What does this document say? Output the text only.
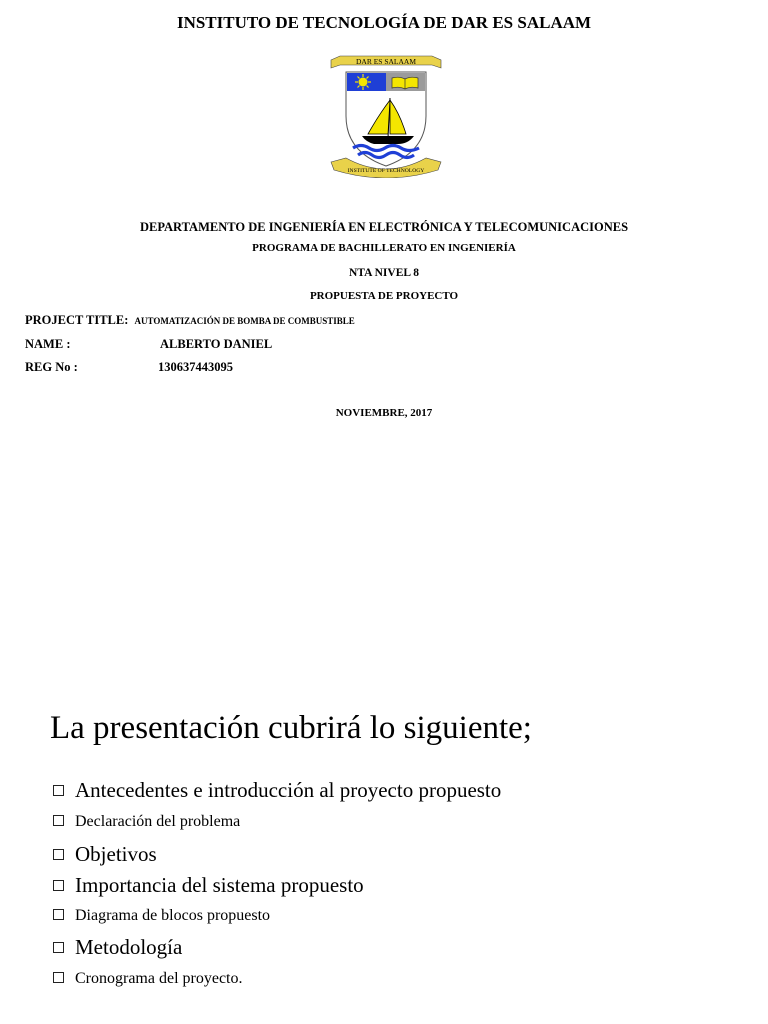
INSTITUTO DE TECNOLOGÍA DE DAR ES SALAAM
DAR ES SALAAM
INSTITUTE OF TECHNOLOGY
DEPARTAMENTO DE INGENIERÍA EN ELECTRÓNICA Y TELECOMUNICACIONES
PROGRAMA DE BACHILLERATO EN INGENIERÍA
NTA NIVEL 8
PROPUESTA DE PROYECTO
PROJECT TITLE: AUTOMATIZACIÓN DE BOMBA DE COMBUSTIBLE
NAME :	ALBERTO DANIEL
REG No :	130637443095
NOVIEMBRE, 2017
La presentación cubrirá lo siguiente;
Antecedentes e introducción al proyecto propuesto
Declaración del problema
Objetivos
Importancia del sistema propuesto
Diagrama de blocos propuesto
Metodología
Cronograma del proyecto.
